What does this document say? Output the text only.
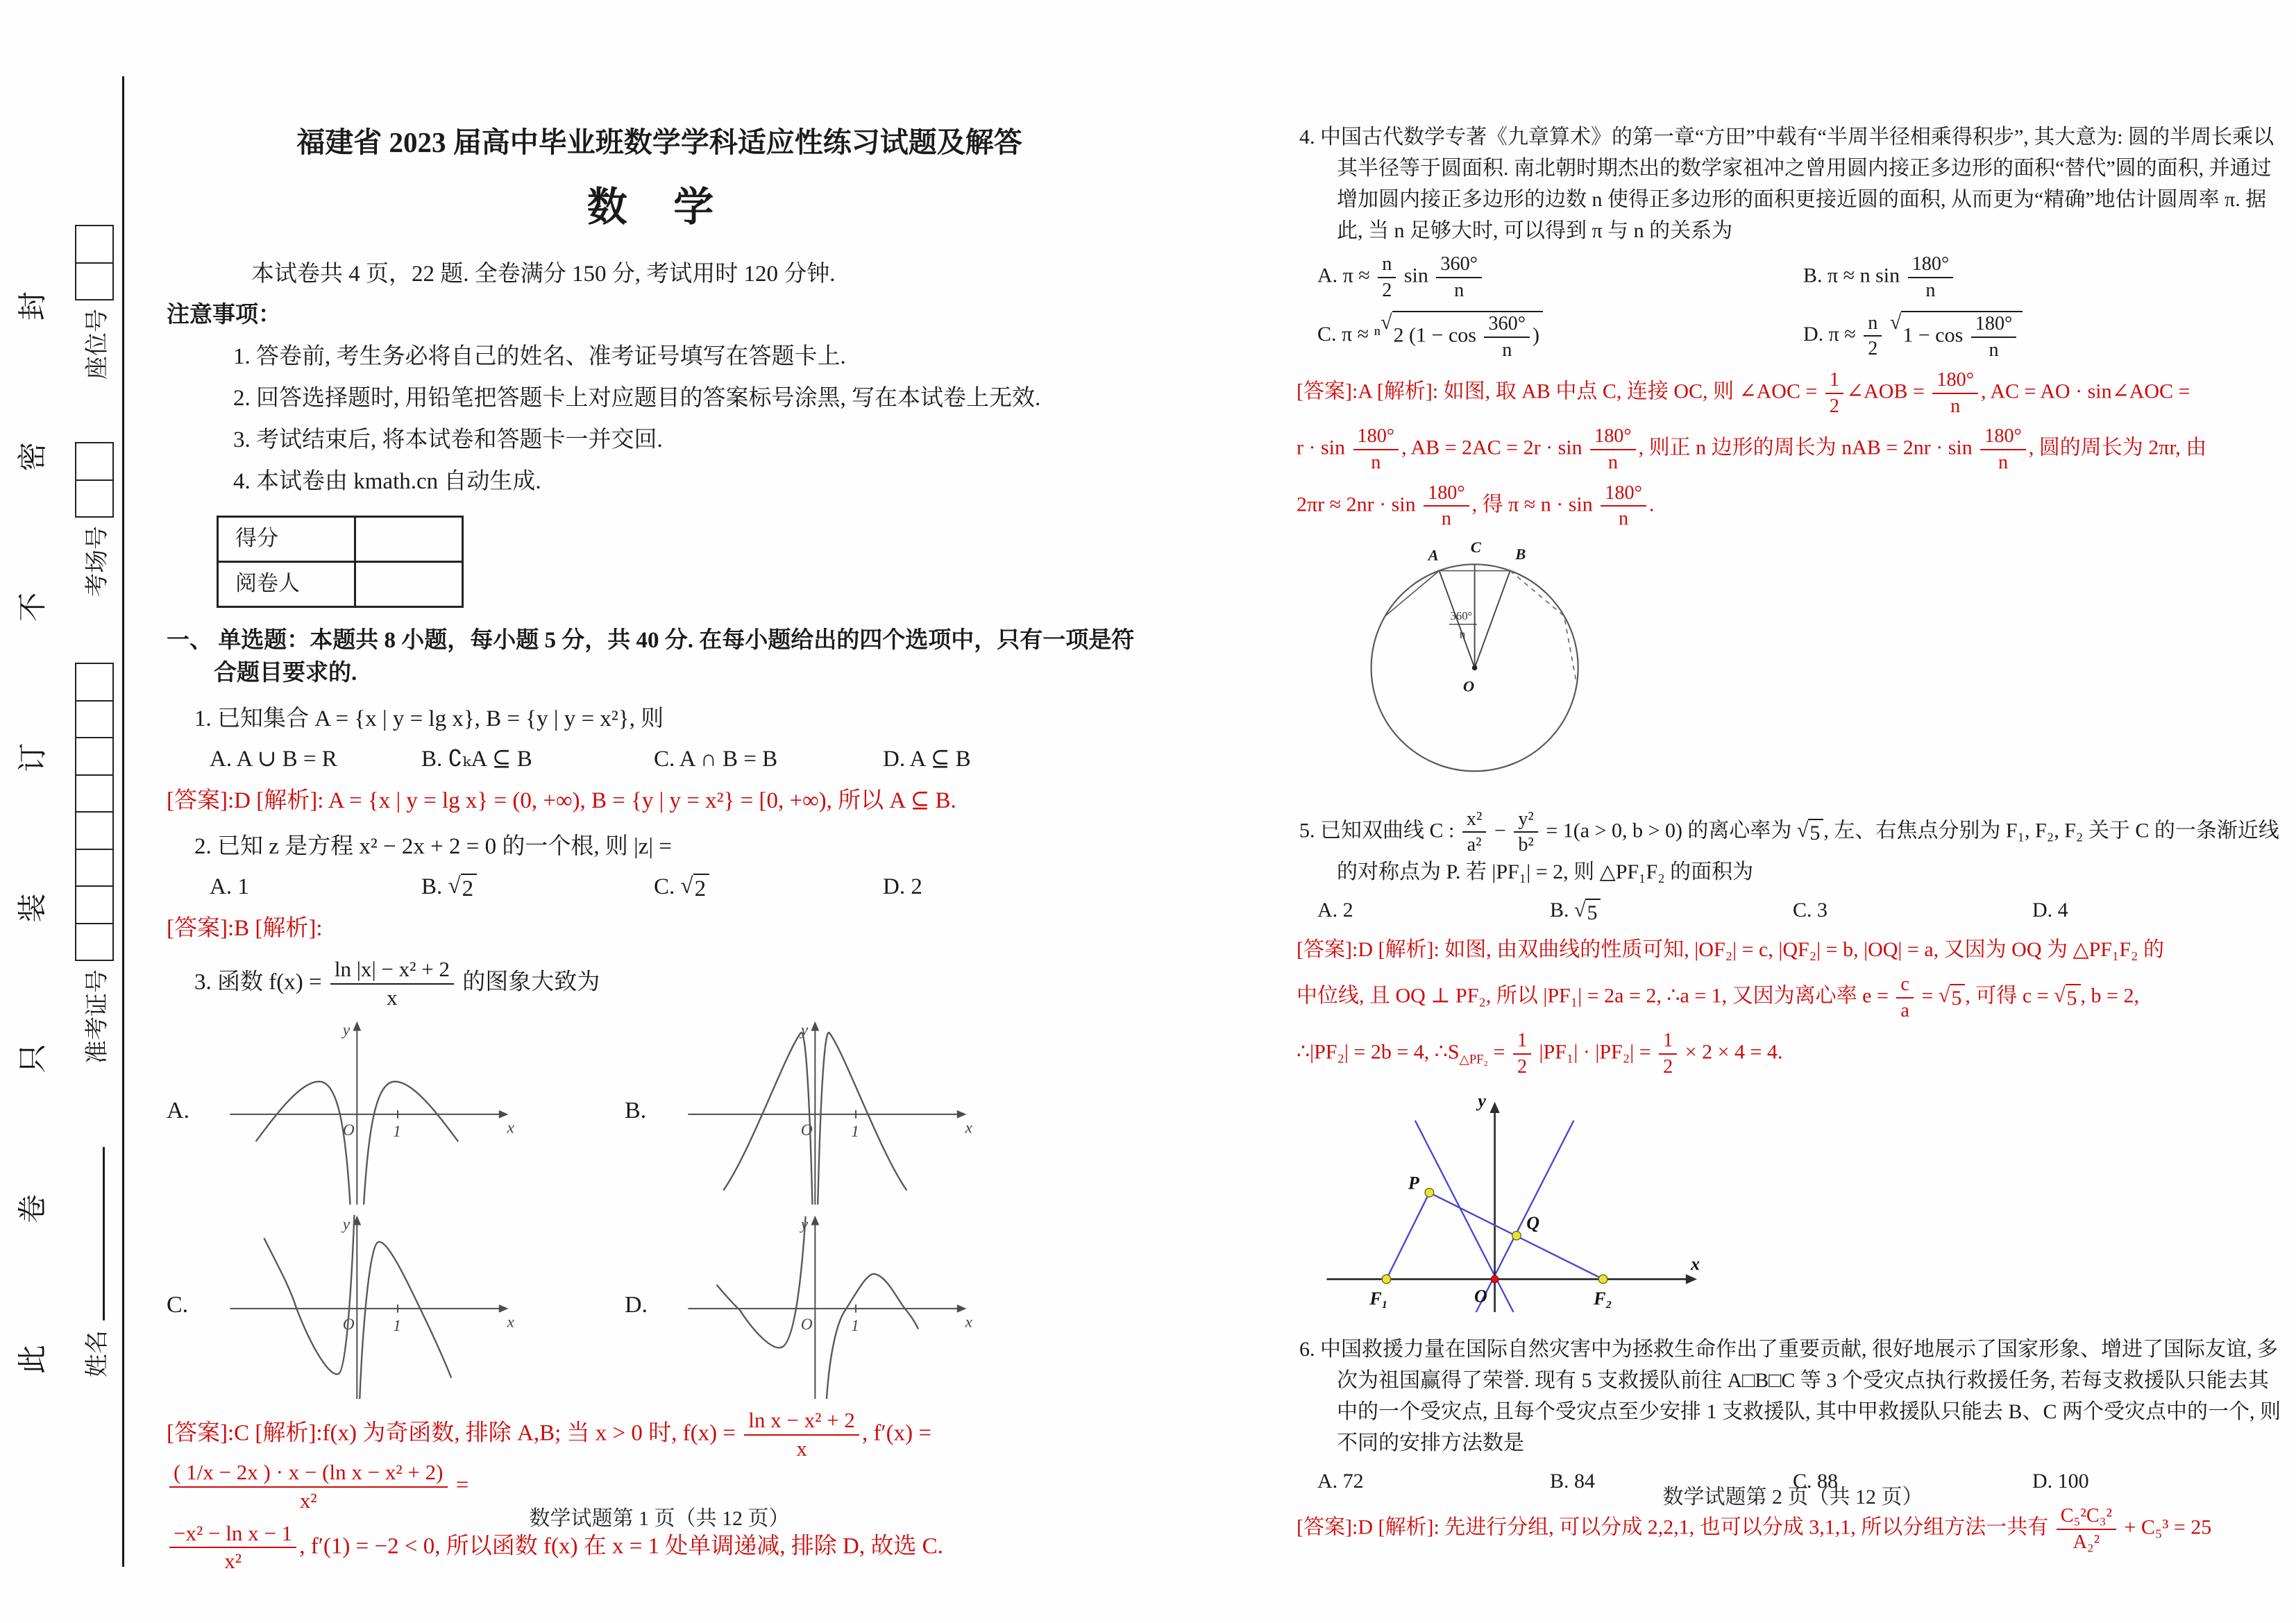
此
卷
只
装
订
不
密
封
姓名
准考证号
考场号
座位号
福建省 2023 届高中毕业班数学学科适应性练习试题及解答
数 学

本试卷共 4 页，22 题. 全卷满分 150 分, 考试用时 120 分钟.

注意事项：

1. 答卷前, 考生务必将自己的姓名、准考证号填写在答题卡上.

2. 回答选择题时, 用铅笔把答题卡上对应题目的答案标号涂黑, 写在本试卷上无效.

3. 考试结束后, 将本试卷和答题卡一并交回.

4. 本试卷由 kmath.cn 自动生成.

得分	
阅卷人	

一、 单选题：本题共 8 小题，每小题 5 分，共 40 分. 在每小题给出的四个选项中，只有一项是符合题目要求的.

1. 已知集合 A = {x | y = lg x}, B = {y | y = x²}, 则

A. A ∪ B = R	B. ∁ₖA ⊆ B	C. A ∩ B = B	D. A ⊆ B

[答案]:D [解析]: A = {x | y = lg x} = (0, +∞), B = {y | y = x²} = [0, +∞), 所以 A ⊆ B.

2. 已知 z 是方程 x² − 2x + 2 = 0 的一个根, 则 |z| =

A. 1	B. √ 2	C. √ 2	D. 2

[答案]:B [解析]:

3. 函数 $f(x) = \frac{\text{ln |x| − x² + 2}}{x}$ 的图象大致为

A.
O 1	x
y
B.
O 1	x
y
C.
O 1	x
y
D.
O 1	x
y

[答案]:C [解析]:f(x) 为奇函数, 排除 A,B; 当 x > 0 时, $f(x) = \frac{\text{ln x − x² + 2}}{x}$ , f′(x) =
$\frac{\text{( 1/x − 2x ) · x − (ln x − x² + 2)}}{\text{x²}}$ =

$\frac{\text{−x² − ln x − 1}}{\text{x²}}$ , f′(1) = −2 < 0, 所以函数 f(x) 在 x = 1 处单调递减, 排除 D, 故选 C.

数学试题第 1 页（共 12 页）

4. 中国古代数学专著《九章算术》的第一章“方田”中载有“半周半径相乘得积步”, 其大意为: 圆的半周长乘以其半径等于圆面积. 南北朝时期杰出的数学家祖冲之曾用圆内接正多边形的面积“替代”圆的面积, 并通过增加圆内接正多边形的边数 n 使得正多边形的面积更接近圆的面积, 从而更为“精确”地估计圆周率 π. 据此, 当 n 足够大时, 可以得到 π 与 n 的关系为

A. $\pi \approx \frac{n}{2}$ $\sin \frac{360^\circ}{n}$	B. π ≈ n $\sin \frac{180^\circ}{n}$
C. π ≈ ⁿ
√
2 ($1 - \cos \frac{360^\circ}{n}$ )	D. $\pi \approx \frac{n}{2}$
√
$1 - \cos \frac{180^\circ}{n}$

[答案]:A [解析]: 如图, 取 AB 中点 C, 连接 OC, 则 ∠AOC = $\frac{1}{2}$ ∠AOB = $\frac{180^\circ}{n}$ , AC = AO · sin∠AOC =

$r \cdot \sin \frac{180^\circ}{n}$ , AB = $2AC = 2r \cdot \sin \frac{180^\circ}{n}$ , 则正 n 边形的周长为 nAB = $2nr \cdot \sin \frac{180^\circ}{n}$ , 圆的周长为 2πr, 由

$2\pi r \approx 2nr \cdot \sin \frac{180^\circ}{n}$ , 得 $\pi \approx n \cdot \sin \frac{180^\circ}{n}$ .

A C B
O
360°
n

5. 已知双曲线 C : $\frac{\text{x²}}{\text{a²}} - \frac{\text{y²}}{\text{b²}} = 1(a > 0$, b > 0) 的离心率为 √ 5 , 左、右焦点分别为 F₁, F₂, F₂ 关于 C 的一条渐近线的对称点为 P. 若 |PF₁| = 2, 则 △PF₁F₂ 的面积为

A. 2	B. √ 5	C. 3	D. 4

[答案]:D [解析]: 如图, 由双曲线的性质可知, |OF₂| = c, |QF₂| = b, |OQ| = a, 又因为 OQ 为 △PF₁F₂ 的

中位线, 且 OQ ⊥ PF₂, 所以 |PF₁| = 2a = 2, ∴a = 1, 又因为离心率 $e = \frac{c}{a}$ = √ 5 , 可得 c = √ 5 , b = 2,

∴|PF₂| = 2b = 4, $\therefore S_{\triangle PF_2} = \frac{1}{2} |PF_1| \cdot |PF_2| = \frac{1}{2} \times 2 \times 4 = 4$.

y
x
P
Q
O
F₁	F₂

6. 中国救援力量在国际自然灾害中为拯救生命作出了重要贡献, 很好地展示了国家形象、增进了国际友谊, 多次为祖国赢得了荣誉. 现有 5 支救援队前往 A□B□C 等 3 个受灾点执行救援任务, 若每支救援队只能去其中的一个受灾点, 且每个受灾点至少安排 1 支救援队, 其中甲救援队只能去 B、C 两个受灾点中的一个, 则不同的安排方法数是

A. 72	B. 84	C. 88	D. 100

[答案]:D [解析]: 先进行分组, 可以分成 2,2,1, 也可以分成 3,1,1, 所以分组方法一共有 $\frac{\text{C₅²C₃²}}{\text{A₂²}} + C_5^3 = 25$

数学试题第 2 页（共 12 页）
